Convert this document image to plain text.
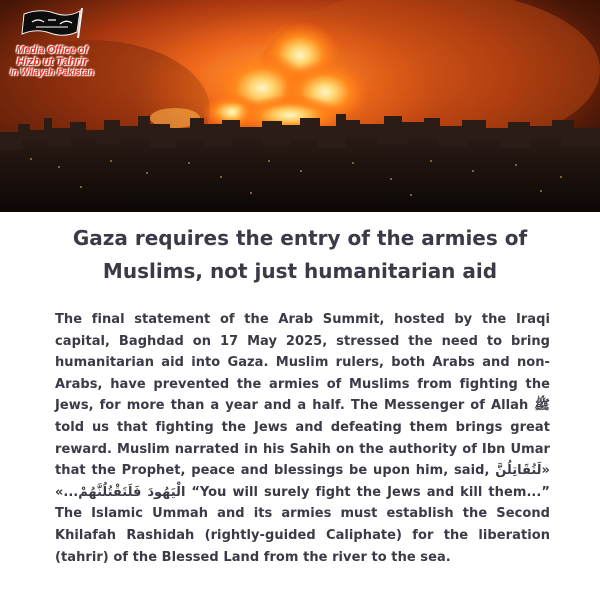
Media Office of
Hizb ut Tahrir
in Wilayah Pakistan
Gaza requires the entry of the armies of
Muslims, not just humanitarian aid
The final statement of the Arab Summit, hosted by the Iraqi capital, Baghdad on 17 May 2025, stressed the need to bring humanitarian aid into Gaza. Muslim rulers, both Arabs and non-Arabs, have prevented the armies of Muslims from fighting the Jews, for more than a year and a half. The Messenger of Allah ﷺ told us that fighting the Jews and defeating them brings great reward. Muslim narrated in his Sahih on the authority of Ibn Umar that the Prophet, peace and blessings be upon him, said, «لَتُقَاتِلُنَّ الْيَهُودَ فَلَتَقْتُلُنَّهُمْ...» “You will surely fight the Jews and kill them...” The Islamic Ummah and its armies must establish the Second Khilafah Rashidah (rightly-guided Caliphate) for the liberation (tahrir) of the Blessed Land from the river to the sea.
